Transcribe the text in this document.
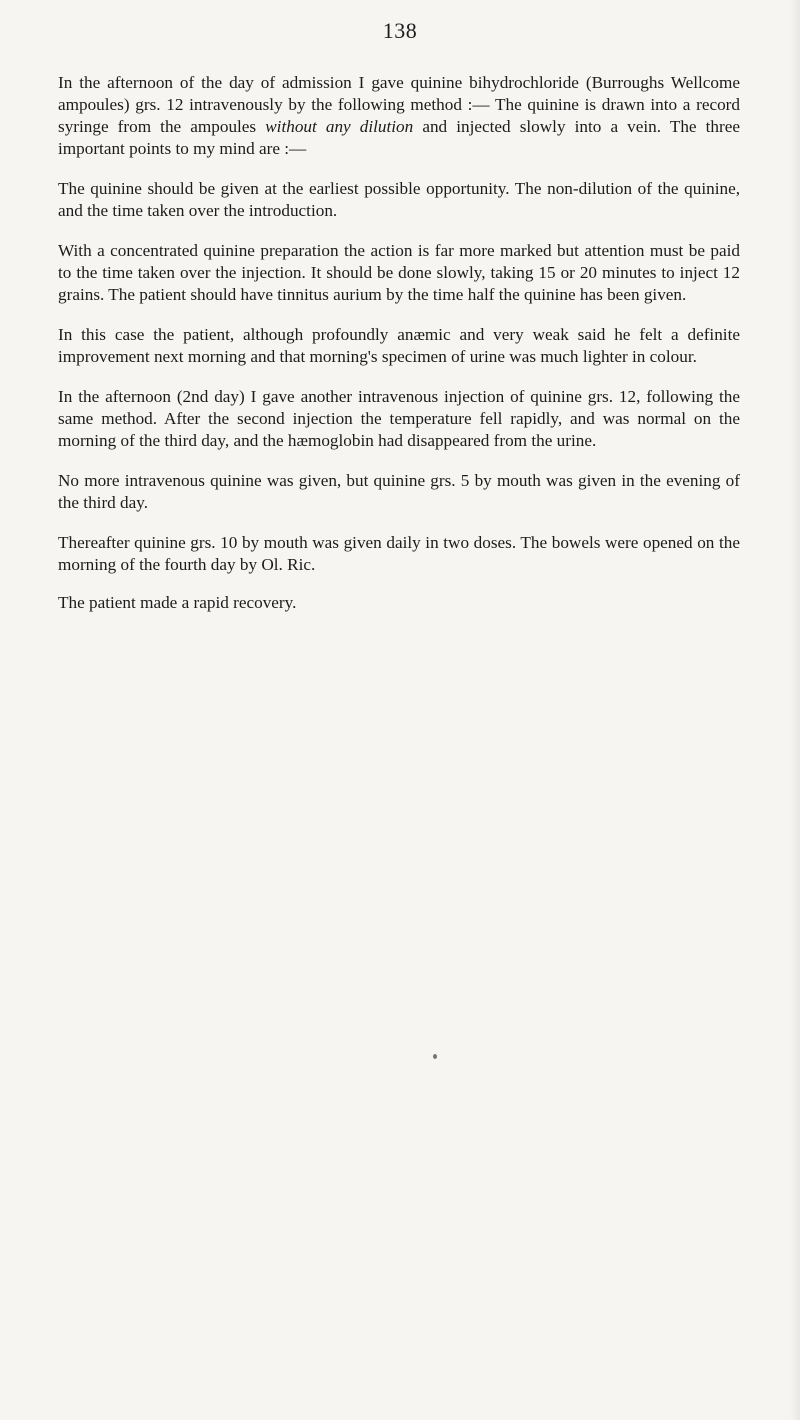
138

In the afternoon of the day of admission I gave quinine bihydrochloride (Burroughs Wellcome ampoules) grs. 12 intravenously by the following method :— The quinine is drawn into a record syringe from the ampoules without any dilution and injected slowly into a vein. The three important points to my mind are :—

The quinine should be given at the earliest possible opportunity. The non-dilution of the quinine, and the time taken over the introduction.

With a concentrated quinine preparation the action is far more marked but attention must be paid to the time taken over the injection. It should be done slowly, taking 15 or 20 minutes to inject 12 grains. The patient should have tinnitus aurium by the time half the quinine has been given.

In this case the patient, although profoundly anæmic and very weak said he felt a definite improvement next morning and that morning's specimen of urine was much lighter in colour.

In the afternoon (2nd day) I gave another intravenous injection of quinine grs. 12, following the same method. After the second injection the temperature fell rapidly, and was normal on the morning of the third day, and the hæmoglobin had disappeared from the urine.

No more intravenous quinine was given, but quinine grs. 5 by mouth was given in the evening of the third day.

Thereafter quinine grs. 10 by mouth was given daily in two doses. The bowels were opened on the morning of the fourth day by Ol. Ric.

The patient made a rapid recovery.
